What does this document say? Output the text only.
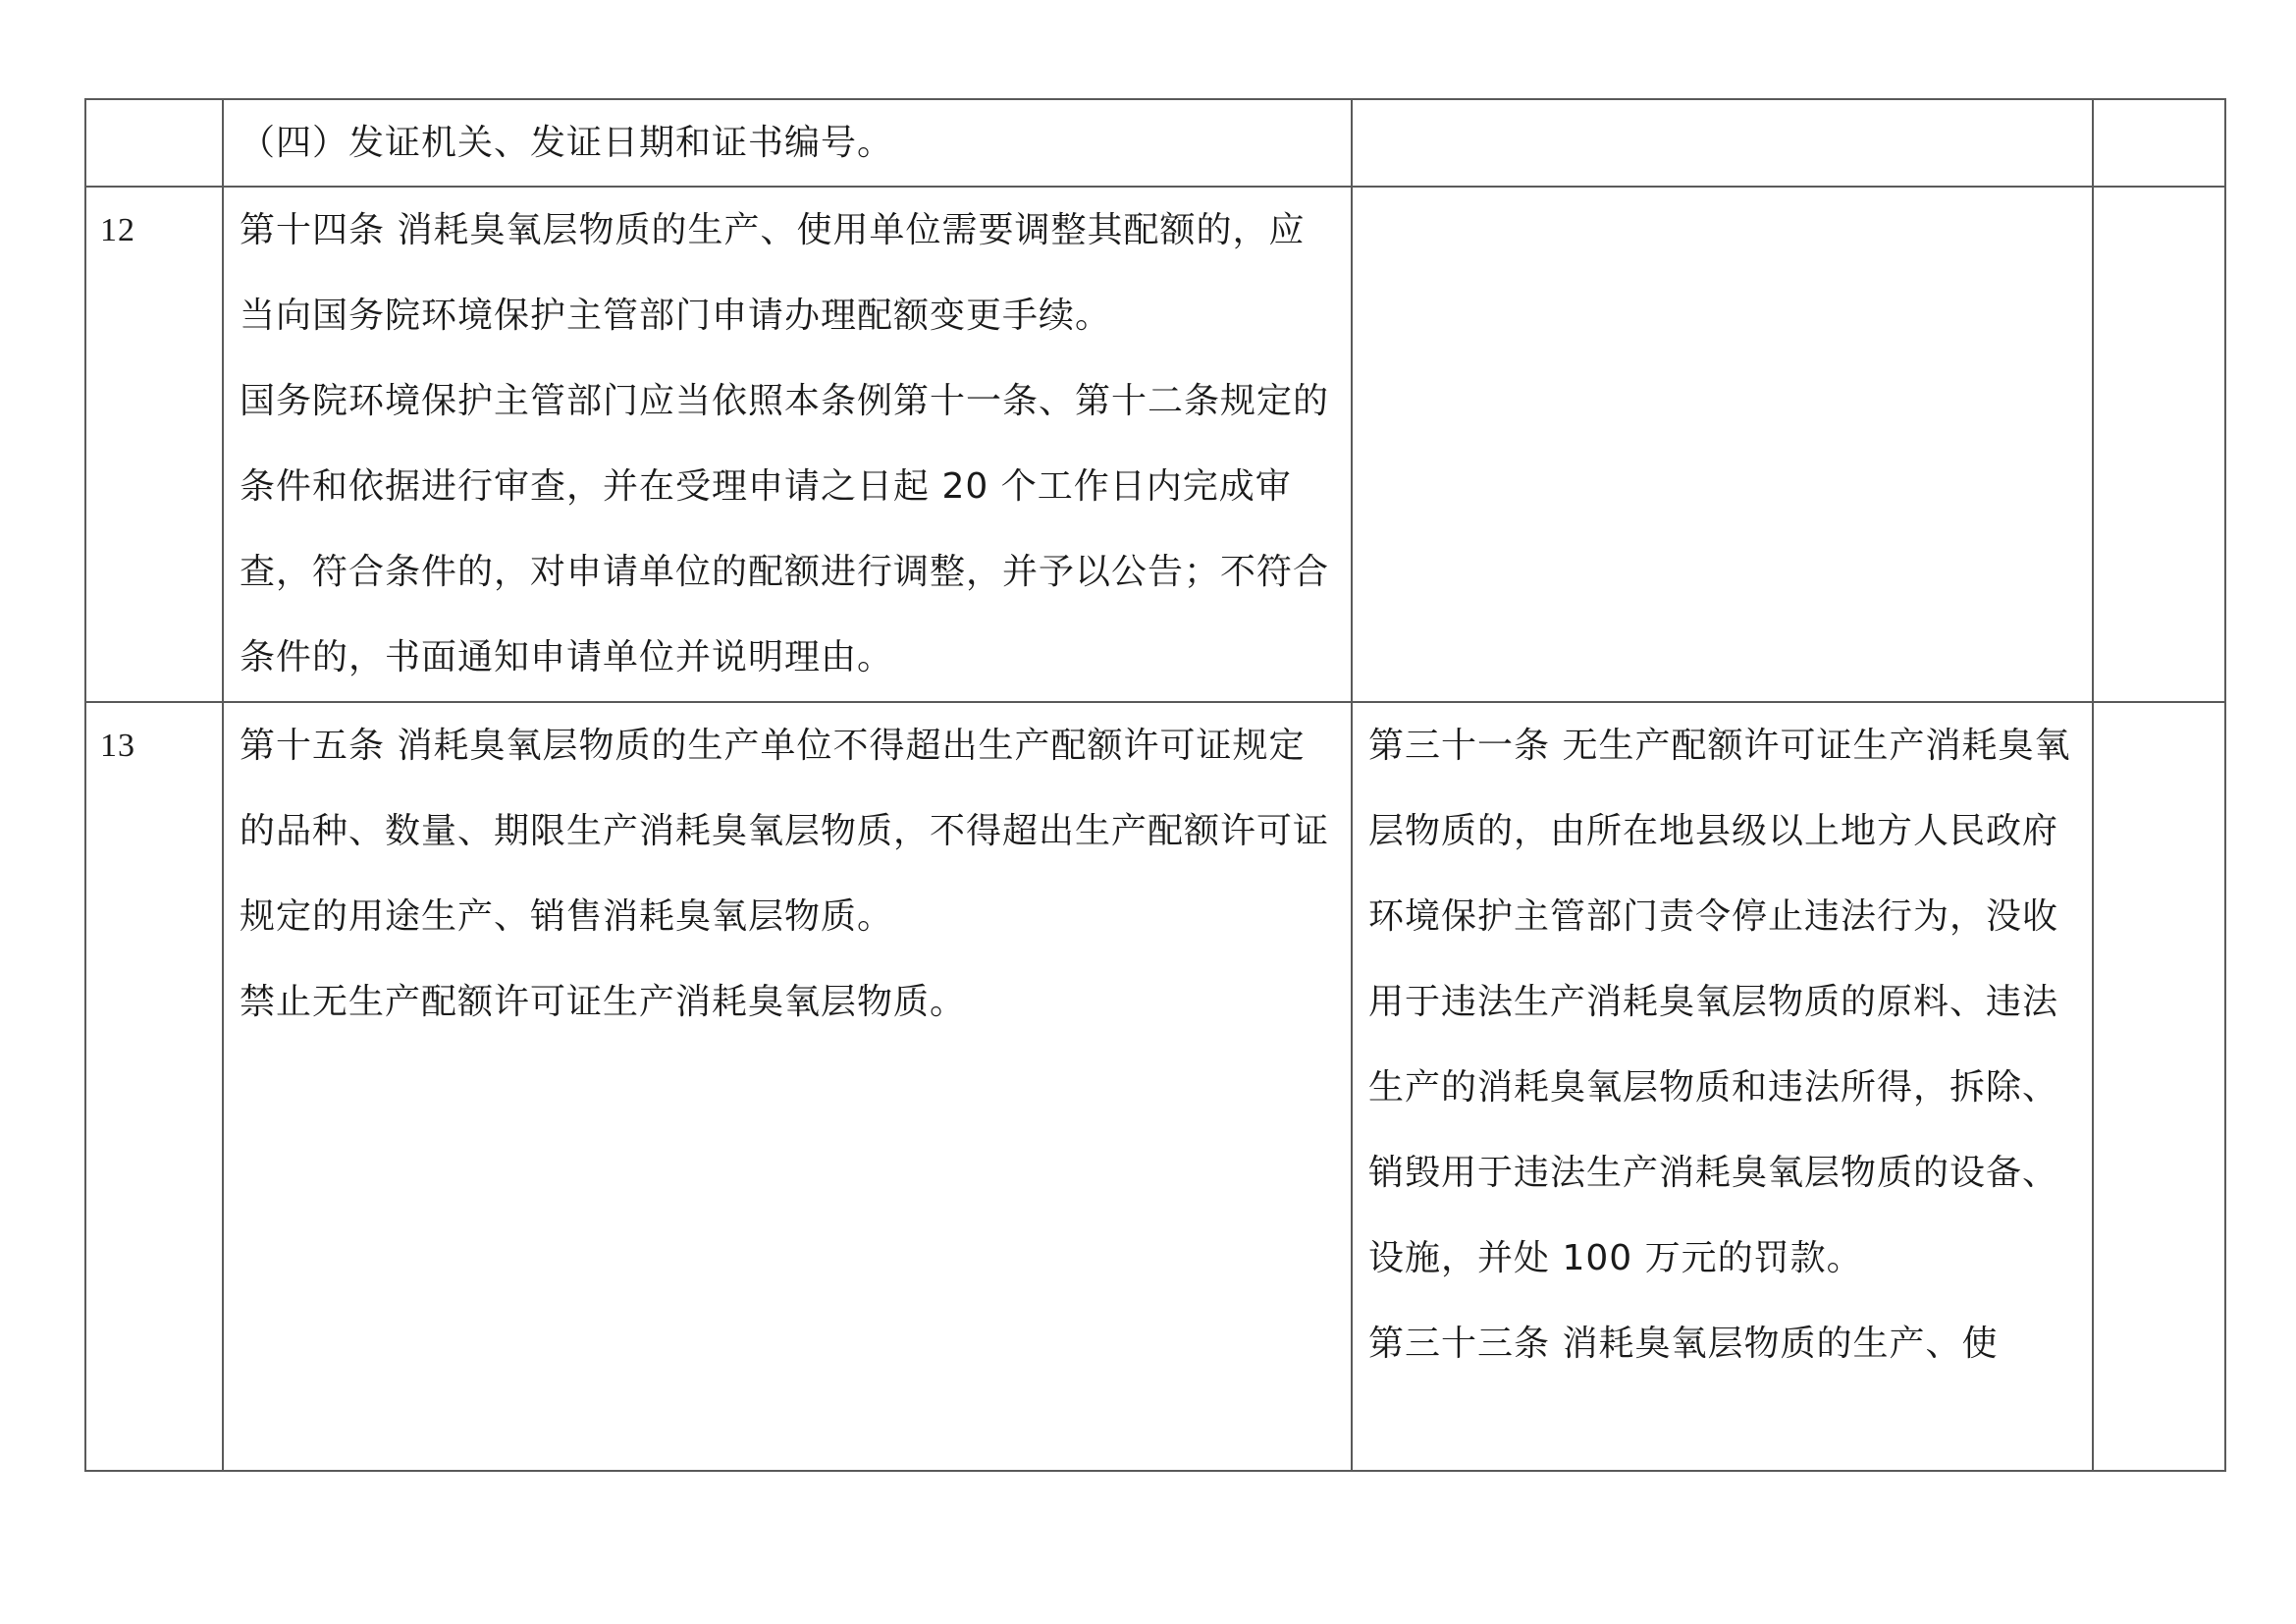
	（四）发证机关、发证日期和证书编号。		

12	第十四条 消耗臭氧层物质的生产、使用单位需要调整其配额的，应当向国务院环境保护主管部门申请办理配额变更手续。
国务院环境保护主管部门应当依照本条例第十一条、第十二条规定的条件和依据进行审查，并在受理申请之日起 20 个工作日内完成审查，符合条件的，对申请单位的配额进行调整，并予以公告；不符合条件的，书面通知申请单位并说明理由。		

13	第十五条 消耗臭氧层物质的生产单位不得超出生产配额许可证规定的品种、数量、期限生产消耗臭氧层物质，不得超出生产配额许可证规定的用途生产、销售消耗臭氧层物质。
禁止无生产配额许可证生产消耗臭氧层物质。	第三十一条 无生产配额许可证生产消耗臭氧层物质的，由所在地县级以上地方人民政府环境保护主管部门责令停止违法行为，没收用于违法生产消耗臭氧层物质的原料、违法生产的消耗臭氧层物质和违法所得，拆除、销毁用于违法生产消耗臭氧层物质的设备、设施，并处 100 万元的罚款。
第三十三条 消耗臭氧层物质的生产、使	
